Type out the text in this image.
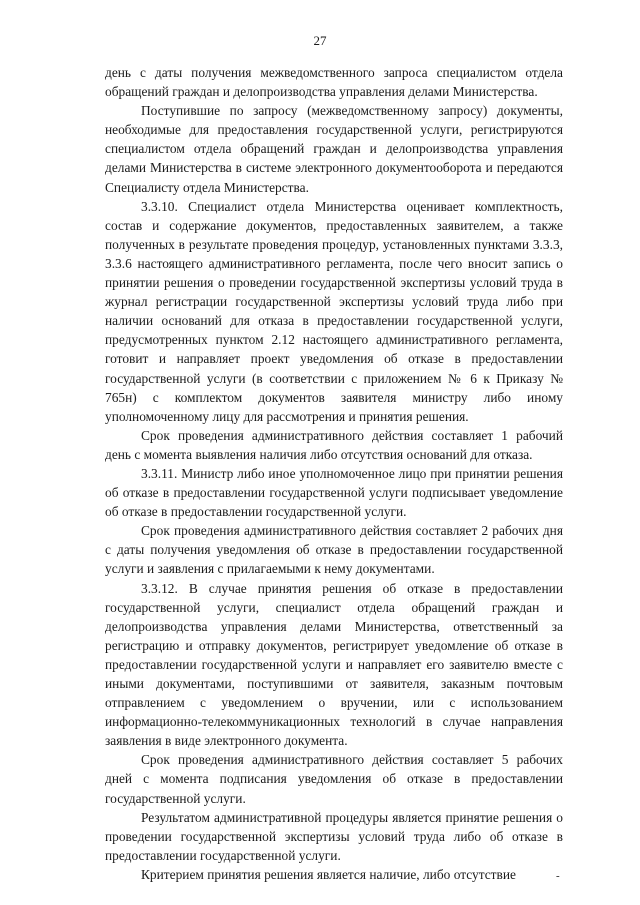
27

день с даты получения межведомственного запроса специалистом отдела обращений граждан и делопроизводства управления делами Министерства.

Поступившие по запросу (межведомственному запросу) документы, необходимые для предоставления государственной услуги, регистрируются специалистом отдела обращений граждан и делопроизводства управления делами Министерства в системе электронного документооборота и передаются Специалисту отдела Министерства.

3.3.10. Специалист отдела Министерства оценивает комплектность, состав и содержание документов, предоставленных заявителем, а также полученных в результате проведения процедур, установленных пунктами 3.3.3, 3.3.6 настоящего административного регламента, после чего вносит запись о принятии решения о проведении государственной экспертизы условий труда в журнал регистрации государственной экспертизы условий труда либо при наличии оснований для отказа в предоставлении государственной услуги, предусмотренных пунктом 2.12 настоящего административного регламента, готовит и направляет проект уведомления об отказе в предоставлении государственной услуги (в соответствии с приложением № 6 к Приказу № 765н) с комплектом документов заявителя министру либо иному уполномоченному лицу для рассмотрения и принятия решения.

Срок проведения административного действия составляет 1 рабочий день с момента выявления наличия либо отсутствия оснований для отказа.

3.3.11. Министр либо иное уполномоченное лицо при принятии решения об отказе в предоставлении государственной услуги подписывает уведомление об отказе в предоставлении государственной услуги.

Срок проведения административного действия составляет 2 рабочих дня с даты получения уведомления об отказе в предоставлении государственной услуги и заявления с прилагаемыми к нему документами.

3.3.12. В случае принятия решения об отказе в предоставлении государственной услуги, специалист отдела обращений граждан и делопроизводства управления делами Министерства, ответственный за регистрацию и отправку документов, регистрирует уведомление об отказе в предоставлении государственной услуги и направляет его заявителю вместе с иными документами, поступившими от заявителя, заказным почтовым отправлением с уведомлением о вручении, или с использованием информационно-телекоммуникационных технологий в случае направления заявления в виде электронного документа.

Срок проведения административного действия составляет 5 рабочих дней с момента подписания уведомления об отказе в предоставлении государственной услуги.

Результатом административной процедуры является принятие решения о проведении государственной экспертизы условий труда либо об отказе в предоставлении государственной услуги.

Критерием принятия решения является наличие, либо отсутствие	-
